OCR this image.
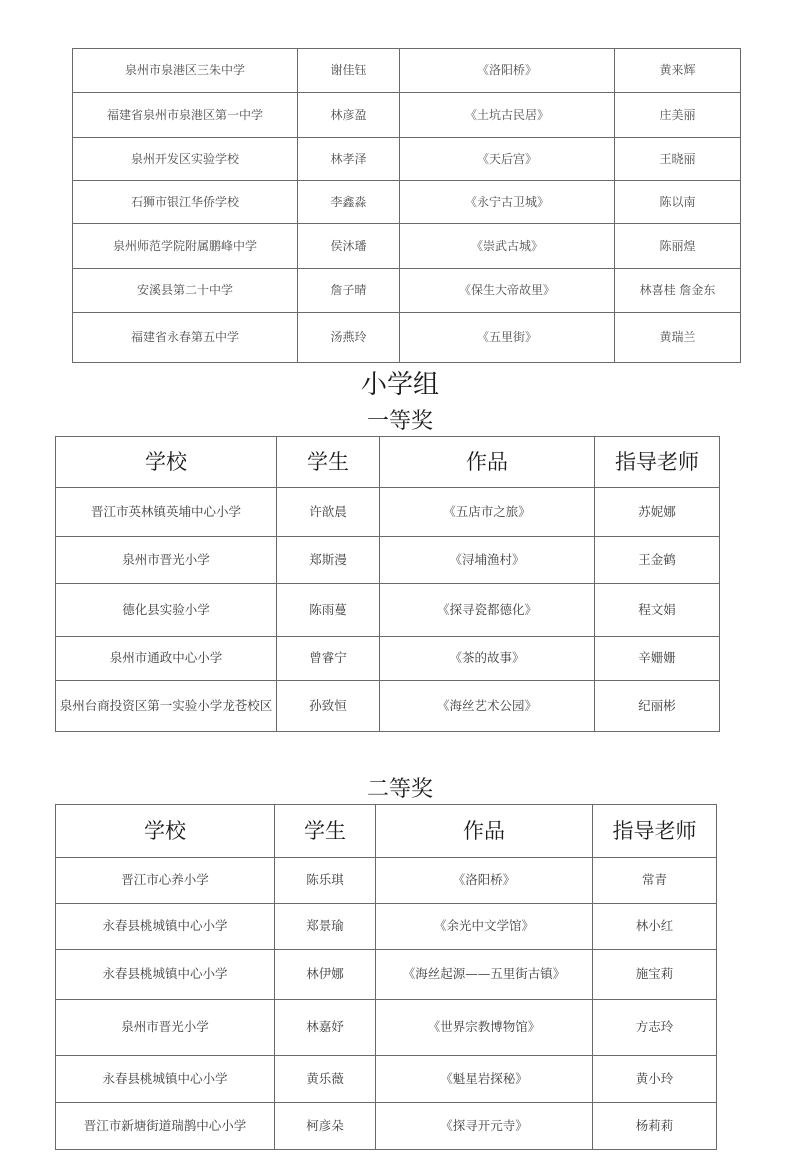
泉州市泉港区三朱中学	谢佳钰	《洛阳桥》	黄来辉
福建省泉州市泉港区第一中学	林彦盈	《土坑古民居》	庄美丽
泉州开发区实验学校	林孝泽	《天后宫》	王晓丽
石狮市银江华侨学校	李鑫淼	《永宁古卫城》	陈以南
泉州师范学院附属鹏峰中学	侯沐璠	《崇武古城》	陈丽煌
安溪县第二十中学	詹子晴	《保生大帝故里》	林喜桂 詹金东
福建省永春第五中学	汤燕玲	《五里街》	黄瑞兰
小学组
一等奖
学校	学生	作品	指导老师
晋江市英林镇英埔中心小学	许歆晨	《五店市之旅》	苏妮娜
泉州市晋光小学	郑斯漫	《浔埔渔村》	王金鹤
德化县实验小学	陈雨蔓	《探寻瓷都德化》	程文娟
泉州市通政中心小学	曾睿宁	《茶的故事》	辛姗姗
泉州台商投资区第一实验小学龙苍校区	孙致恒	《海丝艺术公园》	纪丽彬
二等奖
学校	学生	作品	指导老师
晋江市心养小学	陈乐琪	《洛阳桥》	常青
永春县桃城镇中心小学	郑景瑜	《余光中文学馆》	林小红
永春县桃城镇中心小学	林伊娜	《海丝起源——五里街古镇》	施宝莉
泉州市晋光小学	林嘉妤	《世界宗教博物馆》	方志玲
永春县桃城镇中心小学	黄乐薇	《魁星岩探秘》	黄小玲
晋江市新塘街道瑞鹊中心小学	柯彦朵	《探寻开元寺》	杨莉莉
